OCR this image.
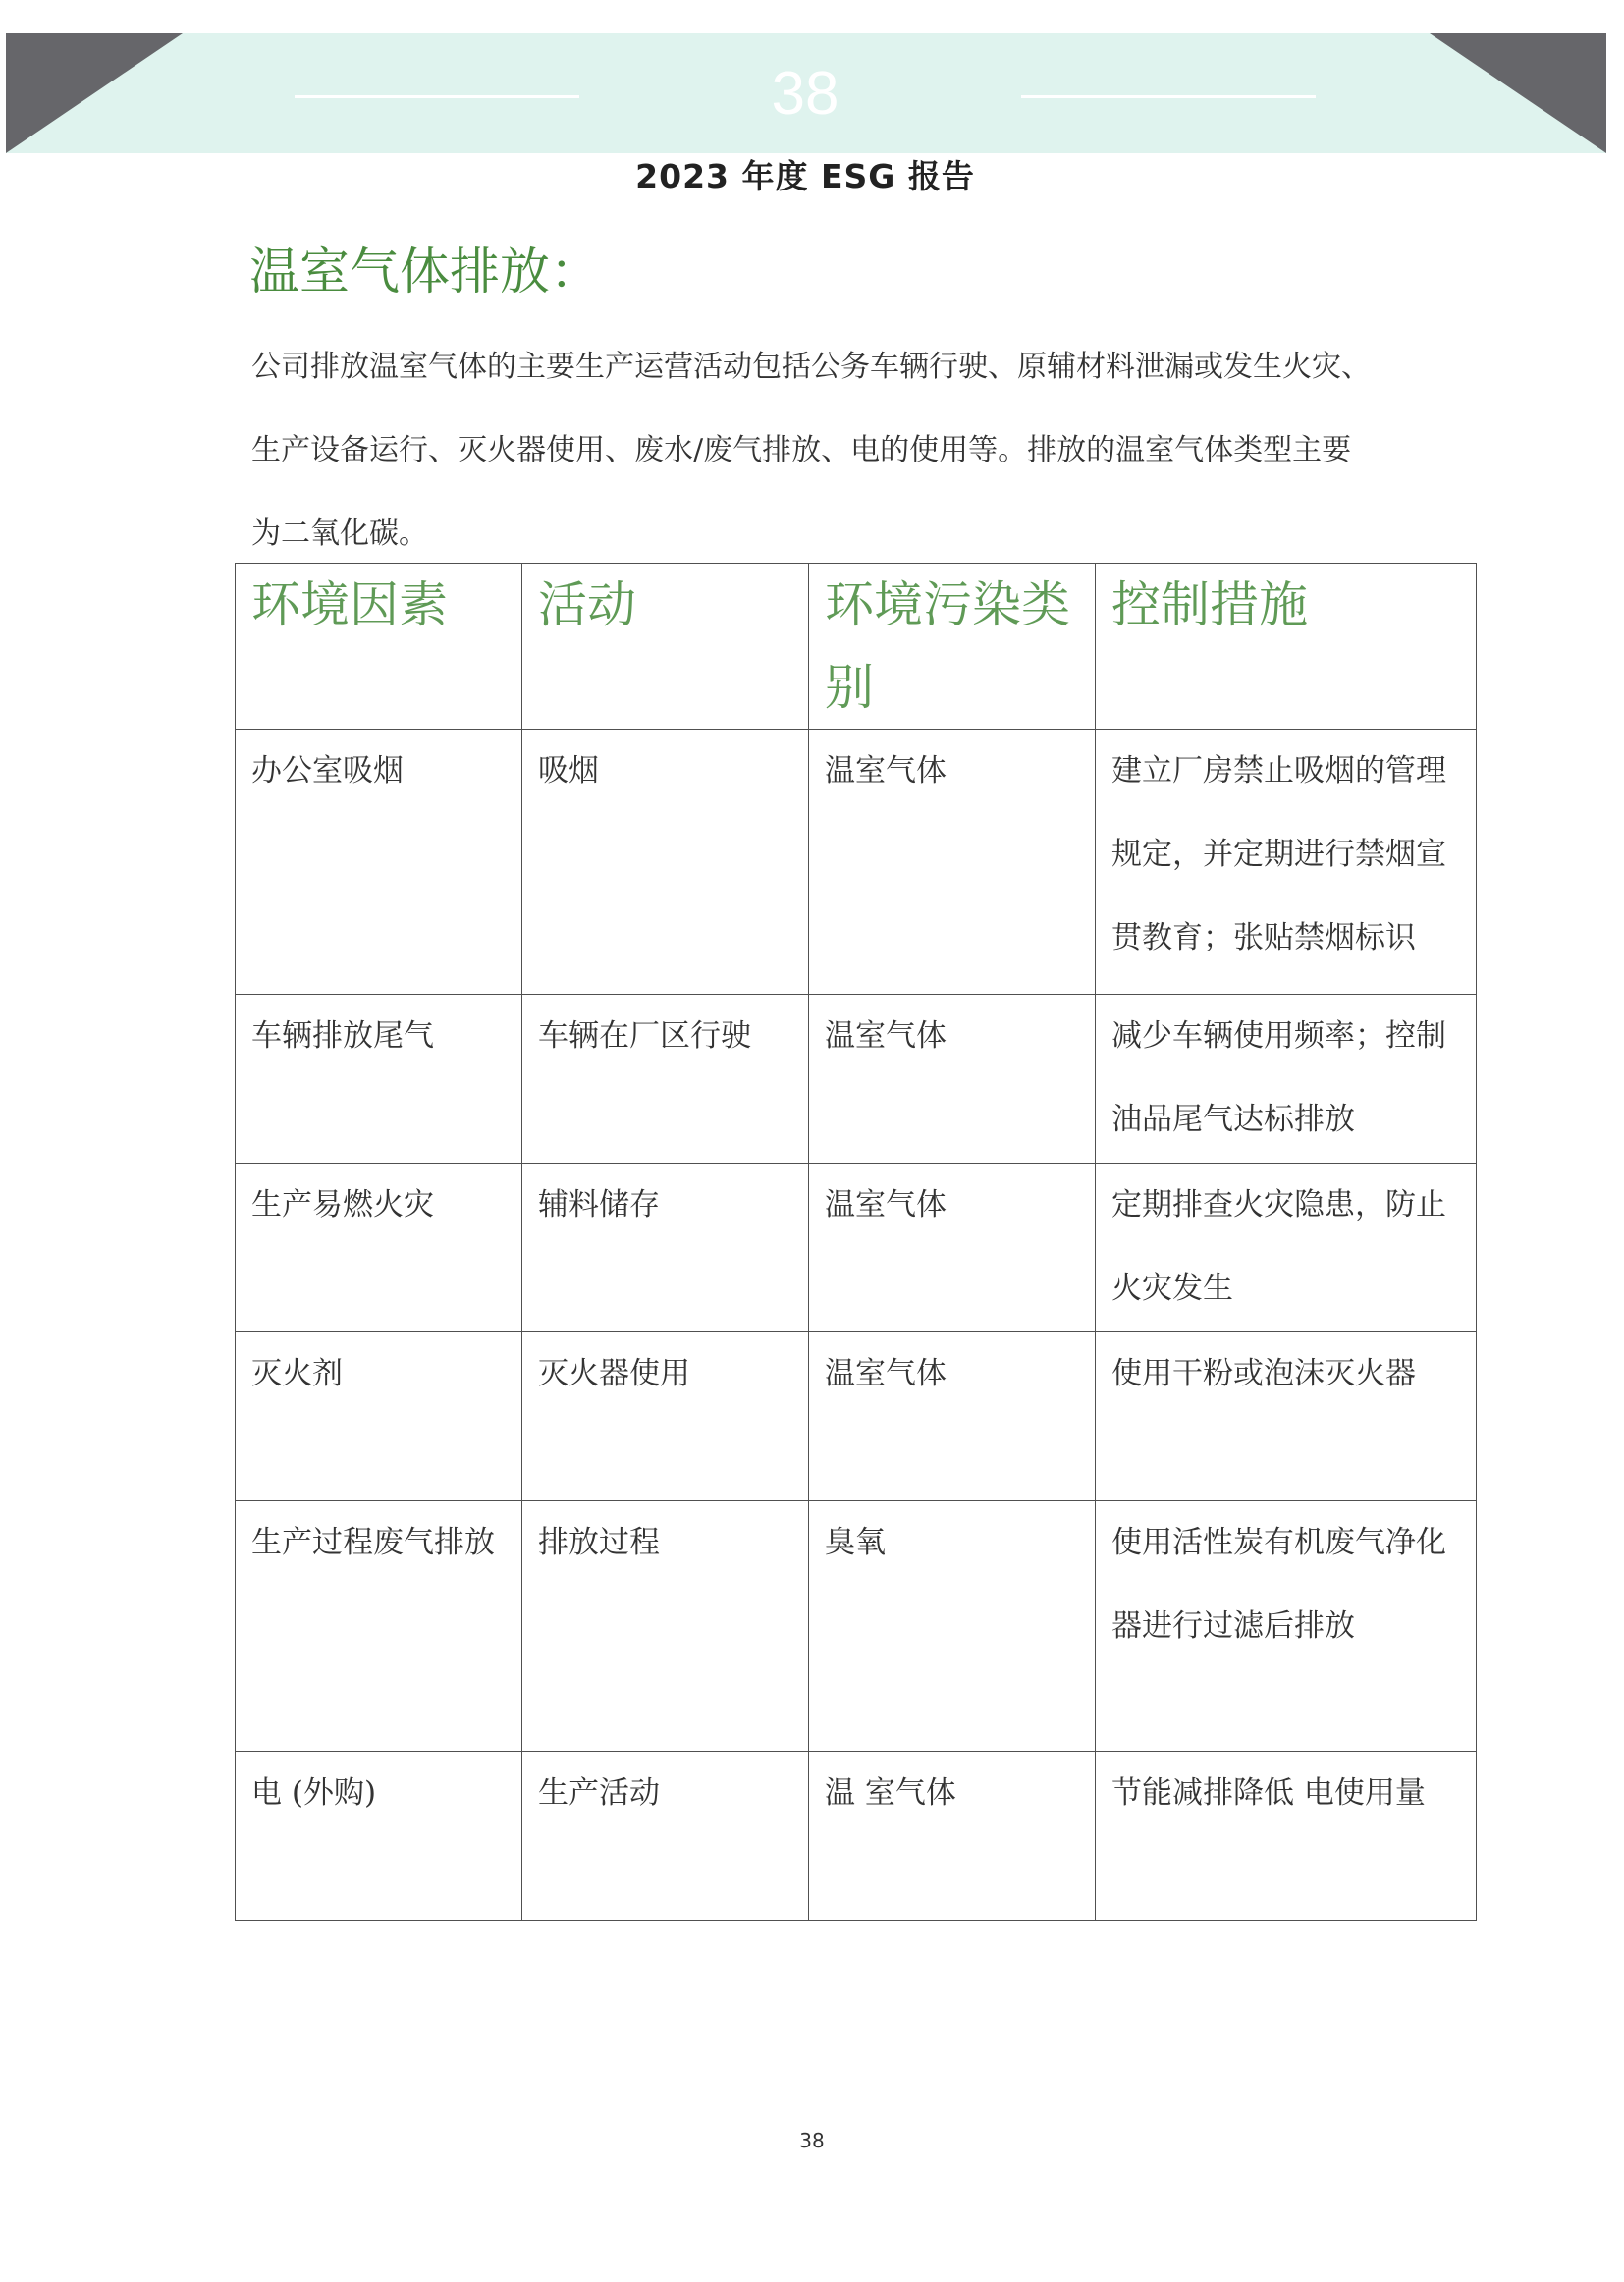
38
2023 年度 ESG 报告
温室气体排放：
公司排放温室气体的主要生产运营活动包括公务车辆行驶、原辅材料泄漏或发生火灾、生产设备运行、灭火器使用、废水/废气排放、电的使用等。排放的温室气体类型主要为二氧化碳。
环境因素	活动	环境污染类别	控制措施
办公室吸烟	吸烟	温室气体	建立厂房禁止吸烟的管理规定，并定期进行禁烟宣贯教育；张贴禁烟标识
车辆排放尾气	车辆在厂区行驶	温室气体	减少车辆使用频率；控制油品尾气达标排放
生产易燃火灾	辅料储存	温室气体	定期排查火灾隐患，防止火灾发生
灭火剂	灭火器使用	温室气体	使用干粉或泡沫灭火器
生产过程废气排放	排放过程	臭氧	使用活性炭有机废气净化器进行过滤后排放
电 (外购)	生产活动	温 室气体	节能减排降低 电使用量
38
